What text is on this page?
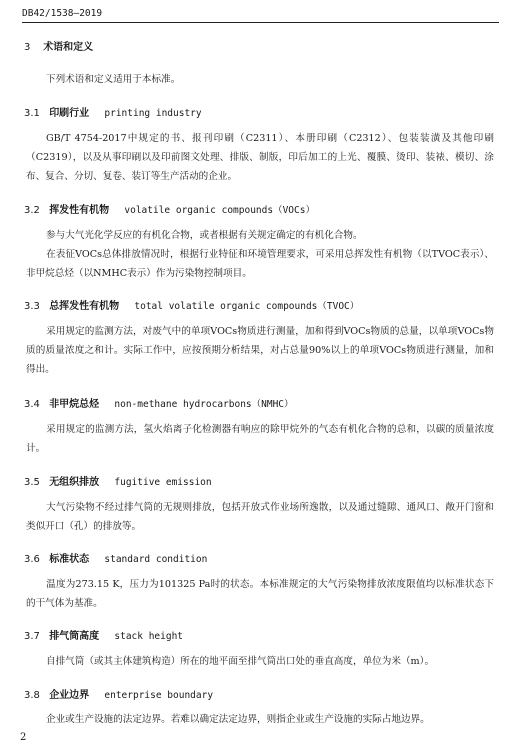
DB42/1538—2019
3 术语和定义
下列术语和定义适用于本标准。
3.1 印刷行业 printing industry
GB/T 4754-2017中规定的书、报刊印刷（C2311）、本册印刷（C2312）、包装装潢及其他印刷（C2319），以及从事印刷以及印前图文处理、排版、制版，印后加工的上光、覆膜、烫印、装裱、模切、涂布、复合、分切、复卷、装订等生产活动的企业。
3.2 挥发性有机物 volatile organic compounds（VOCs）
参与大气光化学反应的有机化合物，或者根据有关规定确定的有机化合物。
在表征VOCs总体排放情况时，根据行业特征和环境管理要求，可采用总挥发性有机物（以TVOC表示）、非甲烷总烃（以NMHC表示）作为污染物控制项目。
3.3 总挥发性有机物 total volatile organic compounds（TVOC）
采用规定的监测方法，对废气中的单项VOCs物质进行测量，加和得到VOCs物质的总量，以单项VOCs物质的质量浓度之和计。实际工作中，应按预期分析结果，对占总量90%以上的单项VOCs物质进行测量，加和得出。
3.4 非甲烷总烃 non-methane hydrocarbons（NMHC）
采用规定的监测方法，氢火焰离子化检测器有响应的除甲烷外的气态有机化合物的总和，以碳的质量浓度计。
3.5 无组织排放 fugitive emission
大气污染物不经过排气筒的无规则排放，包括开放式作业场所逸散，以及通过缝隙、通风口、敞开门窗和类似开口（孔）的排放等。
3.6 标准状态 standard condition
温度为273.15 K，压力为101325 Pa时的状态。本标准规定的大气污染物排放浓度限值均以标准状态下的干气体为基准。
3.7 排气筒高度 stack height
自排气筒（或其主体建筑构造）所在的地平面至排气筒出口处的垂直高度，单位为米（m）。
3.8 企业边界 enterprise boundary
企业或生产设施的法定边界。若难以确定法定边界，则指企业或生产设施的实际占地边界。
2
